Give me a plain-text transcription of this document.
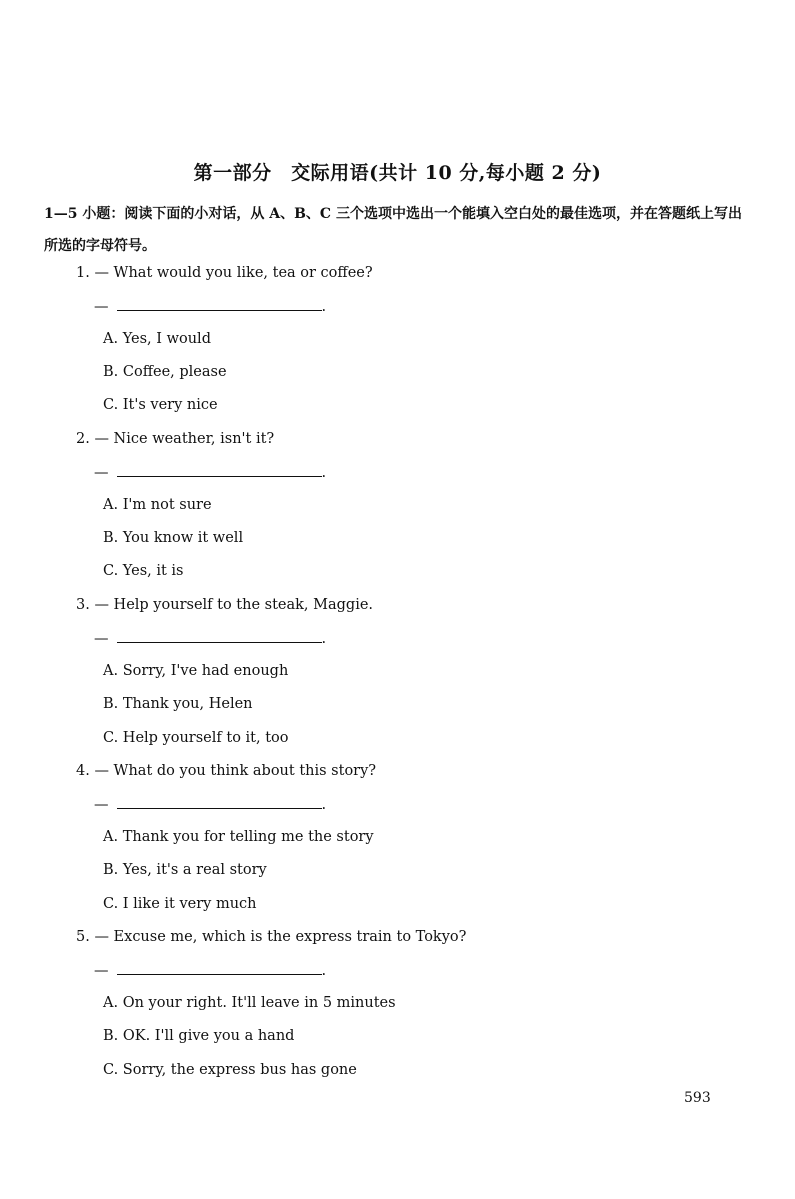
第一部分　交际用语(共计 10 分,每小题 2 分)
1—5 小题：阅读下面的小对话，从 A、B、C 三个选项中选出一个能填入空白处的最佳选项，并在答题纸上写出所选的字母符号。
1. — What would you like, tea or coffee?
—	.
A. Yes, I would
B. Coffee, please
C. It's very nice
2. — Nice weather, isn't it?
—	.
A. I'm not sure
B. You know it well
C. Yes, it is
3. — Help yourself to the steak, Maggie.
—	.
A. Sorry, I've had enough
B. Thank you, Helen
C. Help yourself to it, too
4. — What do you think about this story?
—	.
A. Thank you for telling me the story
B. Yes, it's a real story
C. I like it very much
5. — Excuse me, which is the express train to Tokyo?
—	.
A. On your right. It'll leave in 5 minutes
B. OK. I'll give you a hand
C. Sorry, the express bus has gone
593
